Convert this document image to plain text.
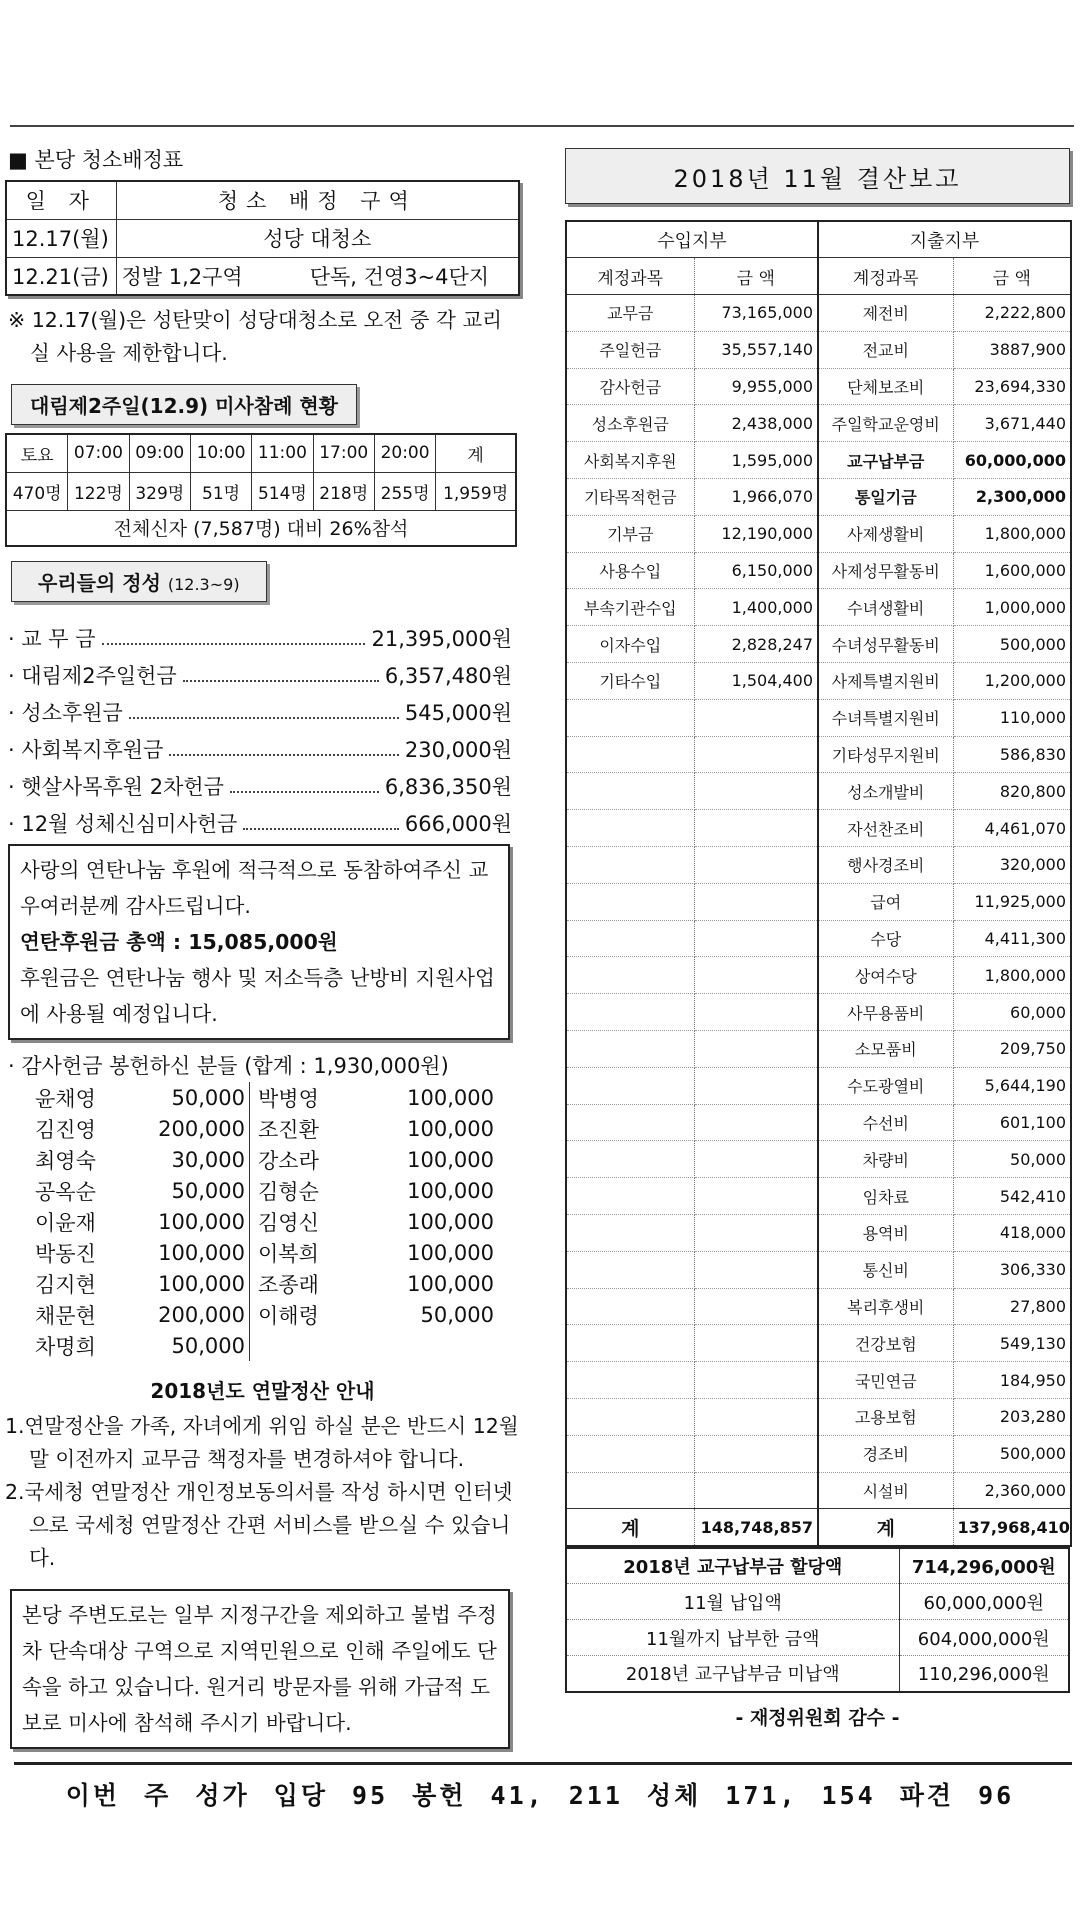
■ 본당 청소배정표
일 자	청소 배정 구역	
12.17(월)	성당 대청소	
12.21(금)	정발 1,2구역	단독, 건영3~4단지

※ 12.17(월)은 성탄맞이 성당대청소로 오전 중 각 교리실 사용을 제한합니다.

대림제2주일(12.9) 미사참례 현황
토요	07:00	09:00	10:00	11:00	17:00	20:00	계
470명	122명	329명	51명	514명	218명	255명	1,959명
전체신자 (7,587명) 대비 26%참석							
우리들의 정성 (12.3~9)
· 교 무 금	21,395,000원
· 대림제2주일헌금	6,357,480원
· 성소후원금	545,000원
· 사회복지후원금	230,000원
· 햇살사목후원 2차헌금	6,836,350원
· 12월 성체신심미사헌금	666,000원
사랑의 연탄나눔 후원에 적극적으로 동참하여주신 교우여러분께 감사드립니다.
연탄후원금 총액 : 15,085,000원
후원금은 연탄나눔 행사 및 저소득층 난방비 지원사업에 사용될 예정입니다.
· 감사헌금 봉헌하신 분들 (합계 : 1,930,000원)
윤채영	50,000 박병영	100,000
김진영	200,000 조진환	100,000
최영숙	30,000 강소라	100,000
공옥순	50,000 김형순	100,000
이윤재	100,000 김영신	100,000
박동진	100,000 이복희	100,000
김지현	100,000 조종래	100,000
채문현	200,000 이해령	50,000
차명희	50,000
2018년도 연말정산 안내

1.연말정산을 가족, 자녀에게 위임 하실 분은 반드시 12월 말 이전까지 교무금 책정자를 변경하셔야 합니다.

2.국세청 연말정산 개인정보동의서를 작성 하시면 인터넷으로 국세청 연말정산 간편 서비스를 받으실 수 있습니다.

본당 주변도로는 일부 지정구간을 제외하고 불법 주정차 단속대상 구역으로 지역민원으로 인해 주일에도 단속을 하고 있습니다. 원거리 방문자를 위해 가급적 도보로 미사에 참석해 주시기 바랍니다.
2018년 11월 결산보고
수입지부		지출지부	
계정과목	금 액	계정과목	금 액
교무금	73,165,000	제전비	2,222,800
주일헌금	35,557,140	전교비	3887,900
감사헌금	9,955,000	단체보조비	23,694,330
성소후원금	2,438,000	주일학교운영비	3,671,440
사회복지후원	1,595,000	교구납부금	60,000,000
기타목적헌금	1,966,070	통일기금	2,300,000
기부금	12,190,000	사제생활비	1,800,000
사용수입	6,150,000	사제성무활동비	1,600,000
부속기관수입	1,400,000	수녀생활비	1,000,000
이자수입	2,828,247	수녀성무활동비	500,000
기타수입	1,504,400	사제특별지원비	1,200,000
		수녀특별지원비	110,000
		기타성무지원비	586,830
		성소개발비	820,800
		자선찬조비	4,461,070
		행사경조비	320,000
		급여	11,925,000
		수당	4,411,300
		상여수당	1,800,000
		사무용품비	60,000
		소모품비	209,750
		수도광열비	5,644,190
		수선비	601,100
		차량비	50,000
		임차료	542,410
		용역비	418,000
		통신비	306,330
		복리후생비	27,800
		건강보험	549,130
		국민연금	184,950
		고용보험	203,280
		경조비	500,000
		시설비	2,360,000
계	148,748,857	계	137,968,410
2018년 교구납부금 할당액	714,296,000원
11월 납입액	60,000,000원
11월까지 납부한 금액	604,000,000원
2018년 교구납부금 미납액	110,296,000원
- 재정위원회 감수 -
이번 주 성가 입당 95 봉헌 41, 211 성체 171, 154 파견 96
